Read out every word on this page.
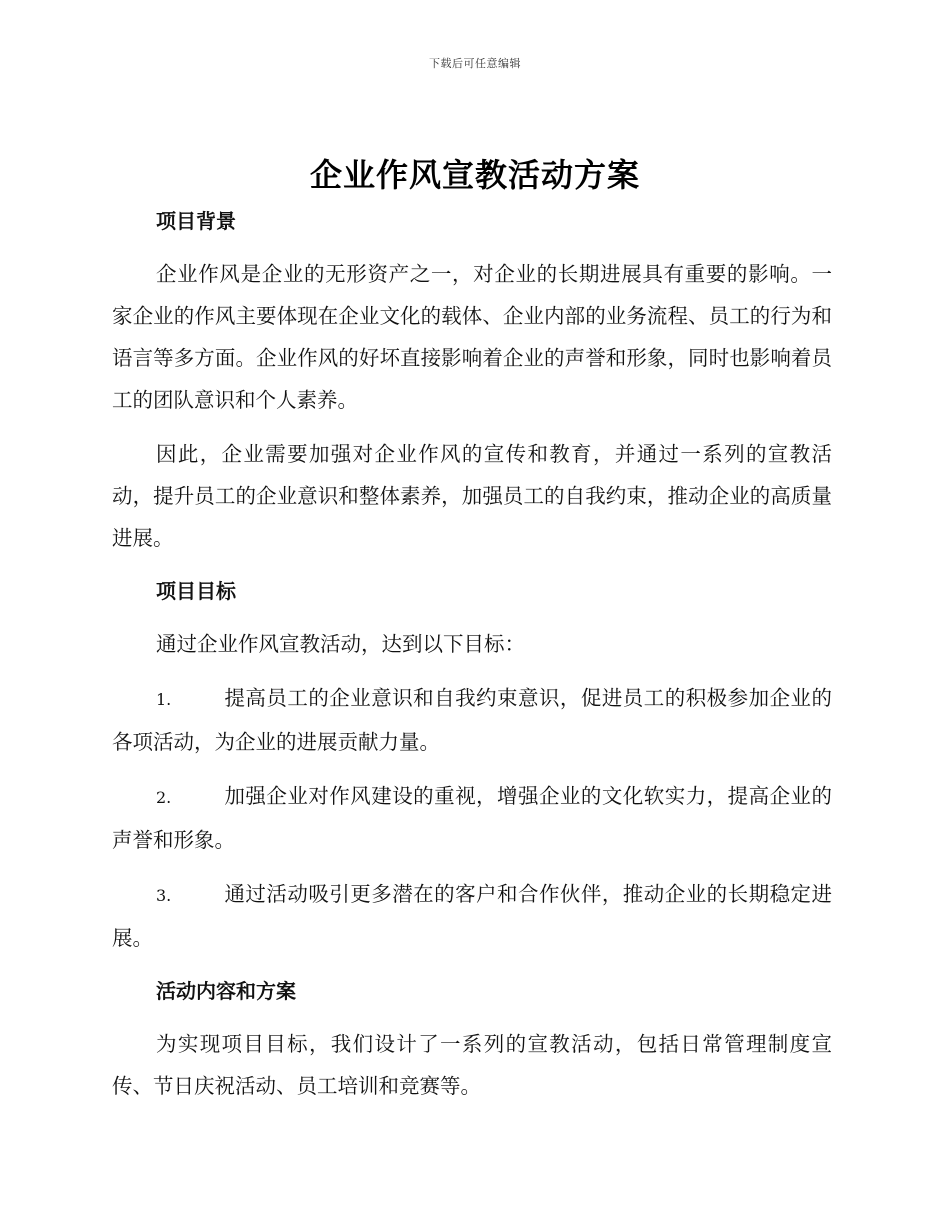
下载后可任意编辑
企业作风宣教活动方案
项目背景

企业作风是企业的无形资产之一，对企业的长期进展具有重要的影响。一家企业的作风主要体现在企业文化的载体、企业内部的业务流程、员工的行为和语言等多方面。企业作风的好坏直接影响着企业的声誉和形象，同时也影响着员工的团队意识和个人素养。

因此，企业需要加强对企业作风的宣传和教育，并通过一系列的宣教活动，提升员工的企业意识和整体素养，加强员工的自我约束，推动企业的高质量进展。

项目目标

通过企业作风宣教活动，达到以下目标：

1.	提高员工的企业意识和自我约束意识，促进员工的积极参加企业的各项活动，为企业的进展贡献力量。

2.	加强企业对作风建设的重视，增强企业的文化软实力，提高企业的声誉和形象。

3.	通过活动吸引更多潜在的客户和合作伙伴，推动企业的长期稳定进展。

活动内容和方案

为实现项目目标，我们设计了一系列的宣教活动，包括日常管理制度宣传、节日庆祝活动、员工培训和竞赛等。
